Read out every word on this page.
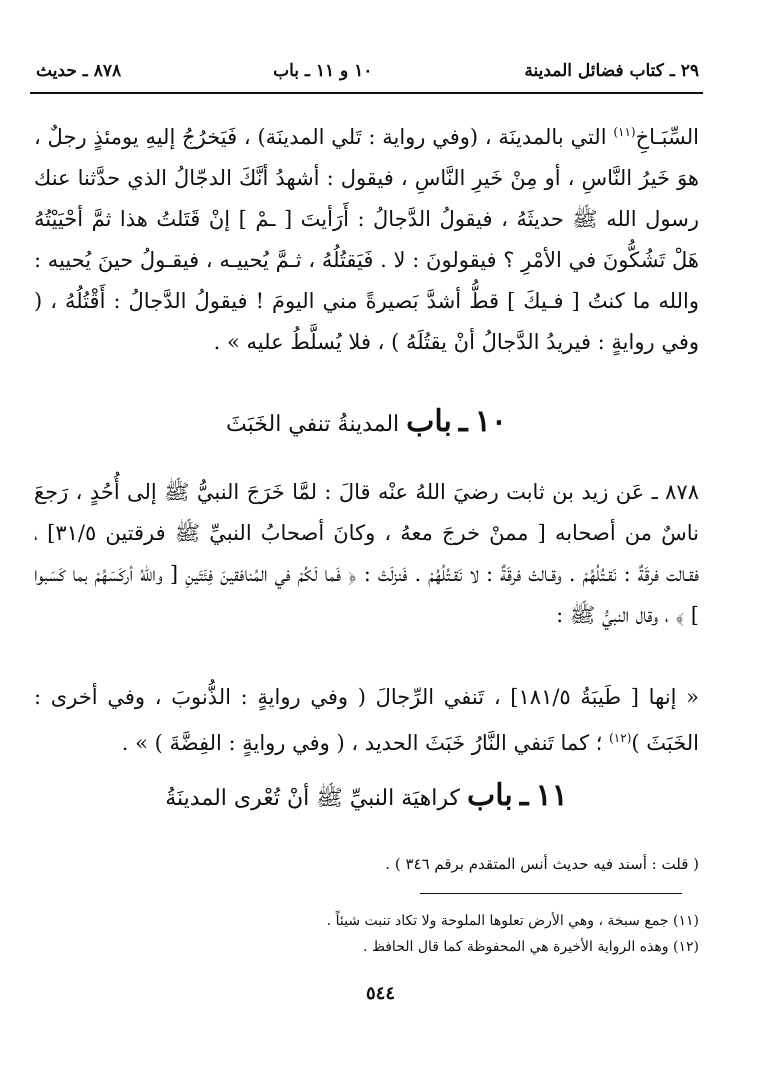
٢٩ ـ كتاب فضائل المدينة
١٠ و ١١ ـ باب
٨٧٨ ـ حديث
السِّبَـاخِ$^{(١١)}$ التي بالمدينَة ، (وفي رواية : تَلي المدينَة) ، فَيَخرُجُ إليهِ يومئذٍ رجلٌ ، هوَ خَيرُ النَّاسِ ، أو مِنْ خَيرِ النَّاسِ ، فيقول : أشهدُ أنَّكَ الدجّالُ الذي حدَّثنا عنك رسول الله ﷺ حديثَهُ ، فيقولُ الدَّجالُ : أَرَأيتَ [ ـمْ ] إنْ قَتَلتُ هذا ثمَّ أحْيَيْتُهُ هَلْ تَشُكُّونَ في الأمْرِ ؟ فيقولونَ : لا . فَيَقتُلُهُ ، ثـمَّ يُحييـه ، فيقـولُ حينَ يُحييه : والله ما كنتُ [ فـيكَ ] قطُّ أشدَّ بَصيرةً مني اليومَ ! فيقولُ الدَّجالُ : أَقْتُلُهُ ، ( وفي روايةٍ : فيريدُ الدَّجالُ أنْ يقتُلَهُ ) ، فلا يُسلَّطُ عليه » .
١٠ ـ باب المدينةُ تنفي الخَبَثَ
٨٧٨ ـ عَن زيد بن ثابت رضيَ اللهُ عنْه قالَ : لمَّا خَرَجَ النبيُّ ﷺ إلى أُحُدٍ ، رَجعَ ناسٌ من أصحابه [ ممنْ خرجَ معهُ ، وكانَ أصحابُ النبيِّ ﷺ فرقتين ٣١/٥] ، فقـالت فرقَةٌ : نَقـتُلُهُمْ . وقـالتْ فرقَةٌ : لا نَقـتُلُهُمْ . فَنزلَتْ : ﴿ فَما لَكُمْ في المُنافقينَ فِئَتَينِ [ واللهُ أركَسَهُمْ بما كَسَبوا ] ﴾ ، وقال النبيُّ ﷺ :
« إنها [ طَيبَةُ ١٨١/٥] ، تَنفي الرِّجالَ ( وفي روايةٍ : الذُّنوبَ ، وفي أخرى : الخَبَثَ )$^{(١٢)}$ ؛ كما تَنفي النَّارُ خَبَثَ الحديد ، ( وفي روايةٍ : الفِضَّةَ ) » .
١١ ـ باب كراهيَة النبيِّ ﷺ أنْ تُعْرى المدينَةُ
( قلت : أسند فيه حديث أنس المتقدم برقم ٣٤٦ ) .
(١١) جمع سبخة ، وهي الأرض تعلوها الملوحة ولا تكاد تنبت شيئاً .
(١٢) وهذه الرواية الأخيرة هي المحفوظة كما قال الحافظ .
٥٤٤
